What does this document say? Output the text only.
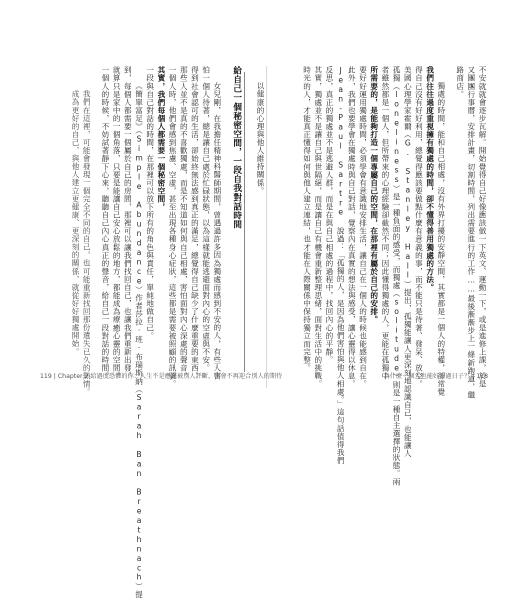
以健康的心理與他人維持關係。
給自己一個秘密空間，一段自我對話時間
女兒剛，在我擔任精神科醫師期間，曾遇過許多因為獨處而感到不安的人，有些人害
怕一個人待著，總是讓自己處於忙碌狀態，以為這樣就能逃避面對內心的空虛與不安。
得到社會認可的生活，卻始終無法感到真正的滿足，總覺得自己缺少了什麼重要的東西。
那些人並不是真的不喜歡獨處，而是不知道如何與自己相處，害怕面對內心深處的聲音。
一個人時，他們會感到焦慮、空虛，甚至出現各種身心症狀，這些都是需要被照顧的訊號。
其實，我們每個人都需要一個秘密空間，
一段與自己對話的時間，在那裡可以放下所有的角色與責任，單純地做自己。
《簡單富足》（Simple Abundance）作者莎拉‧班‧布瑞斯納（Sarah Ban Breathnach）提
到，每個人都需要一個屬於自己的房間，那裡可以讓我們找回自己，也讓我們重新出發。
就算只是家中的一個角落，只要是能讓自己安心放鬆的地方，都能成為療癒心靈的空間。
一個人的時候，不妨試著靜下心來，聽聽自己內心真正的聲音，給自己一段對話的時間。
我們在這裡，可能會發現一個完全不同的自己，也可能重新找回那份遺失已久的熱情。
成為更好的自己，與他人建立更健康、更深刻的關係，就從好好獨處開始。	不安就就會逐步瓦解。開始覺得自己好像應該做一下英文、運動一下，或是進修上課，於是
又團團行事曆，安排計畫，切割時間，列出需要進行的工作……最後漸漸步上一條新跑道，繼
路商店。
獨處的時間，能和自己相處，沒有外界打擾的安靜空間，其實都是一個人的特權，卻常覺
我們往往過度重視擁有獨處的時間，卻不懂得善用獨處的方法。
得自己沒有好好利用，總覺得應該要做點什麼有意義的事，而不能只是待著、發呆、放空。
美國心理學家霍爾（G. Stanley Hall）提出，孤獨能讓人更深刻地認識自己，也能讓人
孤獨（loneliness）是一種負面的感受，而獨處（solitude）則是一種自主選擇的狀態。兩
者雖然都是一個人，但所帶來的心理經驗卻截然不同；因此懂得獨處的人，更能在孤獨中
所需要的，是能夠打造一個專屬自己的空間，在那裡有屬於自己的安排。
要好好運用獨處時間，必須學會有意識地安排生活，讓自己在一個人的時候也能感到自在。
此外，我們也要學會在獨處時與自己對話，覺察內在真實的想法與感受，讓心靈得以休息。
Jean-Paul Sartre 說過：「孤獨的人，是因為他們害怕與他人相處。」這句話值得我們
反思，真正的獨處並不是逃避人群，而是在與自己相處的過程中，找回內心的平靜。
其實，獨處並不是讓自己與世隔絕，而是讓自己有機會重新整理思緒，面對生活中的挑戰。
時光的人，才能真正懂得如何與他人建立連結，也才能在人際關係中保持獨立而完整。
119 | Chapter 2 給過度恐懼的你：人生不是應該被別人評斷，學會不再迎合別人的期待	為什麼一個人也能好好過日子？ | 118
